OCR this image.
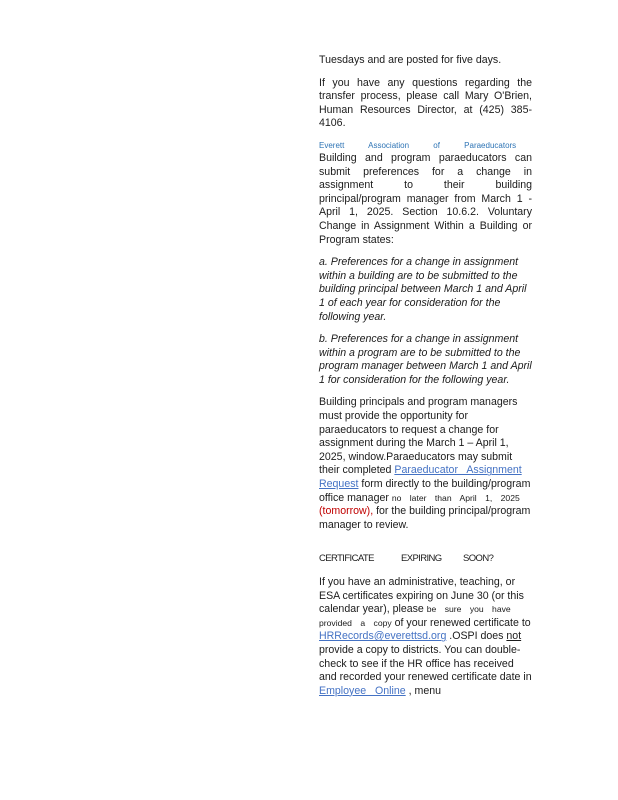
Tuesdays and are posted for five days.

If you have any questions regarding the transfer process, please call Mary O'Brien, Human Resources Director, at (425) 385-4106.

Everett Association of Paraeducators
Building and program paraeducators can submit preferences for a change in assignment to their building principal/program manager from March 1 - April 1, 2025. Section 10.6.2. Voluntary Change in Assignment Within a Building or Program states:

a. Preferences for a change in assignment within a building are to be submitted to the building principal between March 1 and April 1 of each year for consideration for the following year.

b. Preferences for a change in assignment within a program are to be submitted to the program manager between March 1 and April 1 for consideration for the following year.

Building principals and program managers must provide the opportunity for paraeducators to request a change for assignment during the March 1 – April 1, 2025, window.Paraeducators may submit their completed Paraeducator Assignment Request form directly to the building/program office manager no later than April 1, 2025 (tomorrow), for the building principal/program manager to review.

CERTIFICATE	EXPIRING SOON?

If you have an administrative, teaching, or ESA certificates expiring on June 30 (or this calendar year), please be sure you have provided a copy of your renewed certificate to HRRecords@everettsd.org .OSPI does not provide a copy to districts. You can double-check to see if the HR office has received and recorded your renewed certificate date in Employee Online , menu
